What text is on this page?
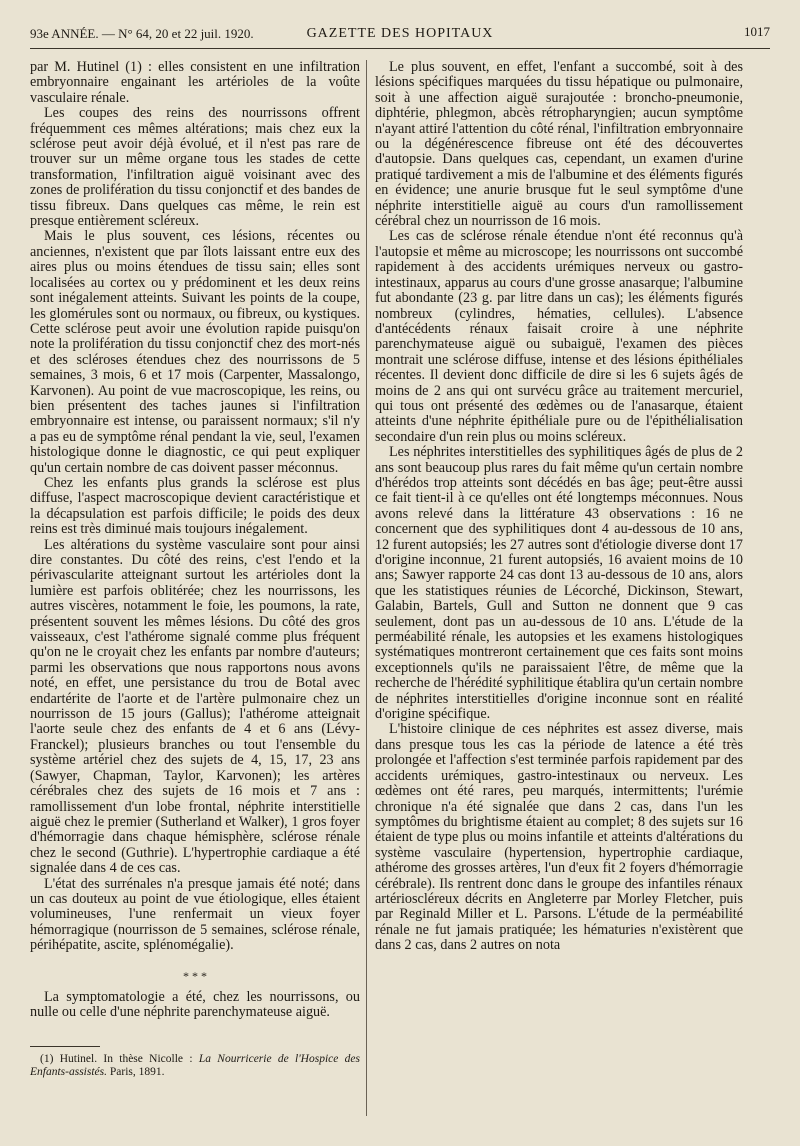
93e ANNÉE. — N° 64, 20 et 22 juil. 1920.	GAZETTE DES HOPITAUX	1017

par M. Hutinel (1) : elles consistent en une infiltration embryonnaire engainant les artérioles de la voûte vasculaire rénale.

Les coupes des reins des nourrissons offrent fréquemment ces mêmes altérations; mais chez eux la sclérose peut avoir déjà évolué, et il n'est pas rare de trouver sur un même organe tous les stades de cette transformation, l'infiltration aiguë voisinant avec des zones de prolifération du tissu conjonctif et des bandes de tissu fibreux. Dans quelques cas même, le rein est presque entièrement scléreux.

Mais le plus souvent, ces lésions, récentes ou anciennes, n'existent que par îlots laissant entre eux des aires plus ou moins étendues de tissu sain; elles sont localisées au cortex ou y prédominent et les deux reins sont inégalement atteints. Suivant les points de la coupe, les glomérules sont ou normaux, ou fibreux, ou kystiques. Cette sclérose peut avoir une évolution rapide puisqu'on note la prolifération du tissu conjonctif chez des mort-nés et des scléroses étendues chez des nourrissons de 5 semaines, 3 mois, 6 et 17 mois (Carpenter, Massalongo, Karvonen). Au point de vue macroscopique, les reins, ou bien présentent des taches jaunes si l'infiltration embryonnaire est intense, ou paraissent normaux; s'il n'y a pas eu de symptôme rénal pendant la vie, seul, l'examen histologique donne le diagnostic, ce qui peut expliquer qu'un certain nombre de cas doivent passer méconnus.

Chez les enfants plus grands la sclérose est plus diffuse, l'aspect macroscopique devient caractéristique et la décapsulation est parfois difficile; le poids des deux reins est très diminué mais toujours inégalement.

Les altérations du système vasculaire sont pour ainsi dire constantes. Du côté des reins, c'est l'endo et la périvascularite atteignant surtout les artérioles dont la lumière est parfois oblitérée; chez les nourrissons, les autres viscères, notamment le foie, les poumons, la rate, présentent souvent les mêmes lésions. Du côté des gros vaisseaux, c'est l'athérome signalé comme plus fréquent qu'on ne le croyait chez les enfants par nombre d'auteurs; parmi les observations que nous rapportons nous avons noté, en effet, une persistance du trou de Botal avec endartérite de l'aorte et de l'artère pulmonaire chez un nourrisson de 15 jours (Gallus); l'athérome atteignait l'aorte seule chez des enfants de 4 et 6 ans (Lévy-Franckel); plusieurs branches ou tout l'ensemble du système artériel chez des sujets de 4, 15, 17, 23 ans (Sawyer, Chapman, Taylor, Karvonen); les artères cérébrales chez des sujets de 16 mois et 7 ans : ramollissement d'un lobe frontal, néphrite interstitielle aiguë chez le premier (Sutherland et Walker), 1 gros foyer d'hémorragie dans chaque hémisphère, sclérose rénale chez le second (Guthrie). L'hypertrophie cardiaque a été signalée dans 4 de ces cas.

L'état des surrénales n'a presque jamais été noté; dans un cas douteux au point de vue étiologique, elles étaient volumineuses, l'une renfermait un vieux foyer hémorragique (nourrisson de 5 semaines, sclérose rénale, périhépatite, ascite, splénomégalie).

* * *

La symptomatologie a été, chez les nourrissons, ou nulle ou celle d'une néphrite parenchymateuse aiguë.

(1) Hutinel. In thèse Nicolle : La Nourricerie de l'Hospice des Enfants-assistés. Paris, 1891.

Le plus souvent, en effet, l'enfant a succombé, soit à des lésions spécifiques marquées du tissu hépatique ou pulmonaire, soit à une affection aiguë surajoutée : broncho-pneumonie, diphtérie, phlegmon, abcès rétropharyngien; aucun symptôme n'ayant attiré l'attention du côté rénal, l'infiltration embryonnaire ou la dégénérescence fibreuse ont été des découvertes d'autopsie. Dans quelques cas, cependant, un examen d'urine pratiqué tardivement a mis de l'albumine et des éléments figurés en évidence; une anurie brusque fut le seul symptôme d'une néphrite interstitielle aiguë au cours d'un ramollissement cérébral chez un nourrisson de 16 mois.

Les cas de sclérose rénale étendue n'ont été reconnus qu'à l'autopsie et même au microscope; les nourrissons ont succombé rapidement à des accidents urémiques nerveux ou gastro-intestinaux, apparus au cours d'une grosse anasarque; l'albumine fut abondante (23 g. par litre dans un cas); les éléments figurés nombreux (cylindres, hématies, cellules). L'absence d'antécédents rénaux faisait croire à une néphrite parenchymateuse aiguë ou subaiguë, l'examen des pièces montrait une sclérose diffuse, intense et des lésions épithéliales récentes. Il devient donc difficile de dire si les 6 sujets âgés de moins de 2 ans qui ont survécu grâce au traitement mercuriel, qui tous ont présenté des œdèmes ou de l'anasarque, étaient atteints d'une néphrite épithéliale pure ou de l'épithélialisation secondaire d'un rein plus ou moins scléreux.

Les néphrites interstitielles des syphilitiques âgés de plus de 2 ans sont beaucoup plus rares du fait même qu'un certain nombre d'hérédos trop atteints sont décédés en bas âge; peut-être aussi ce fait tient-il à ce qu'elles ont été longtemps méconnues. Nous avons relevé dans la littérature 43 observations : 16 ne concernent que des syphilitiques dont 4 au-dessous de 10 ans, 12 furent autopsiés; les 27 autres sont d'étiologie diverse dont 17 d'origine inconnue, 21 furent autopsiés, 16 avaient moins de 10 ans; Sawyer rapporte 24 cas dont 13 au-dessous de 10 ans, alors que les statistiques réunies de Lécorché, Dickinson, Stewart, Galabin, Bartels, Gull and Sutton ne donnent que 9 cas seulement, dont pas un au-dessous de 10 ans. L'étude de la perméabilité rénale, les autopsies et les examens histologiques systématiques montreront certainement que ces faits sont moins exceptionnels qu'ils ne paraissaient l'être, de même que la recherche de l'hérédité syphilitique établira qu'un certain nombre de néphrites interstitielles d'origine inconnue sont en réalité d'origine spécifique.

L'histoire clinique de ces néphrites est assez diverse, mais dans presque tous les cas la période de latence a été très prolongée et l'affection s'est terminée parfois rapidement par des accidents urémiques, gastro-intestinaux ou nerveux. Les œdèmes ont été rares, peu marqués, intermittents; l'urémie chronique n'a été signalée que dans 2 cas, dans l'un les symptômes du brightisme étaient au complet; 8 des sujets sur 16 étaient de type plus ou moins infantile et atteints d'altérations du système vasculaire (hypertension, hypertrophie cardiaque, athérome des grosses artères, l'un d'eux fit 2 foyers d'hémorragie cérébrale). Ils rentrent donc dans le groupe des infantiles rénaux artérioscléreux décrits en Angleterre par Morley Fletcher, puis par Reginald Miller et L. Parsons. L'étude de la perméabilité rénale ne fut jamais pratiquée; les hématuries n'existèrent que dans 2 cas, dans 2 autres on nota
